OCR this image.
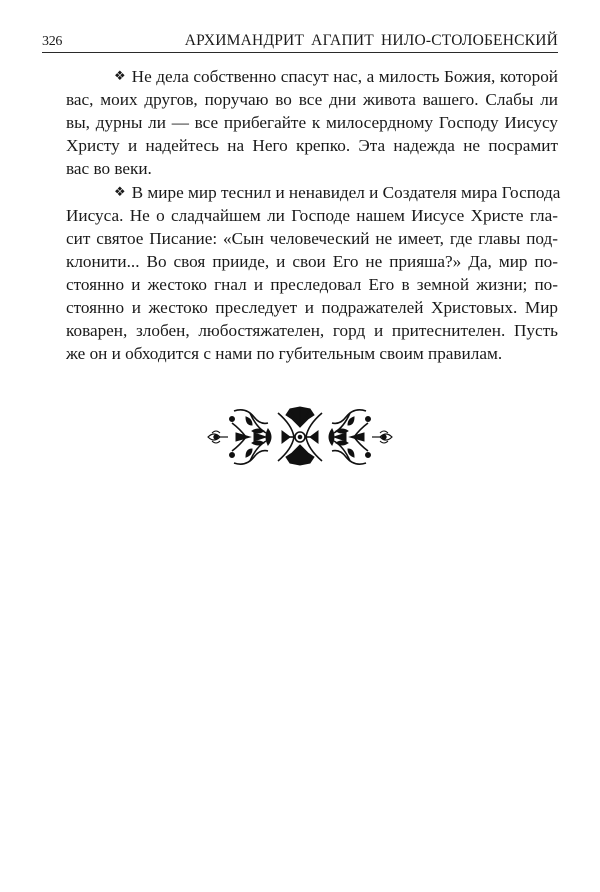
326	АРХИМАНДРИТ АГАПИТ НИЛО-СТОЛОБЕНСКИЙ
❖ Не дела собственно спасут нас, а милость Божия, которой
вас, моих другов, поручаю во все дни живота вашего. Слабы ли
вы, дурны ли — все прибегайте к милосердному Господу Иисусу
Христу и надейтесь на Него крепко. Эта надежда не посрамит
вас во веки.
❖ В мире мир теснил и ненавидел и Создателя мира Господа
Иисуса. Не о сладчайшем ли Господе нашем Иисусе Христе гла-
сит святое Писание: «Сын человеческий не имеет, где главы под-
клонити... Во своя прииде, и свои Его не прияша?» Да, мир по-
стоянно и жестоко гнал и преследовал Его в земной жизни; по-
стоянно и жестоко преследует и подражателей Христовых. Мир
коварен, злобен, любостяжателен, горд и притеснителен. Пусть
же он и обходится с нами по губительным своим правилам.
